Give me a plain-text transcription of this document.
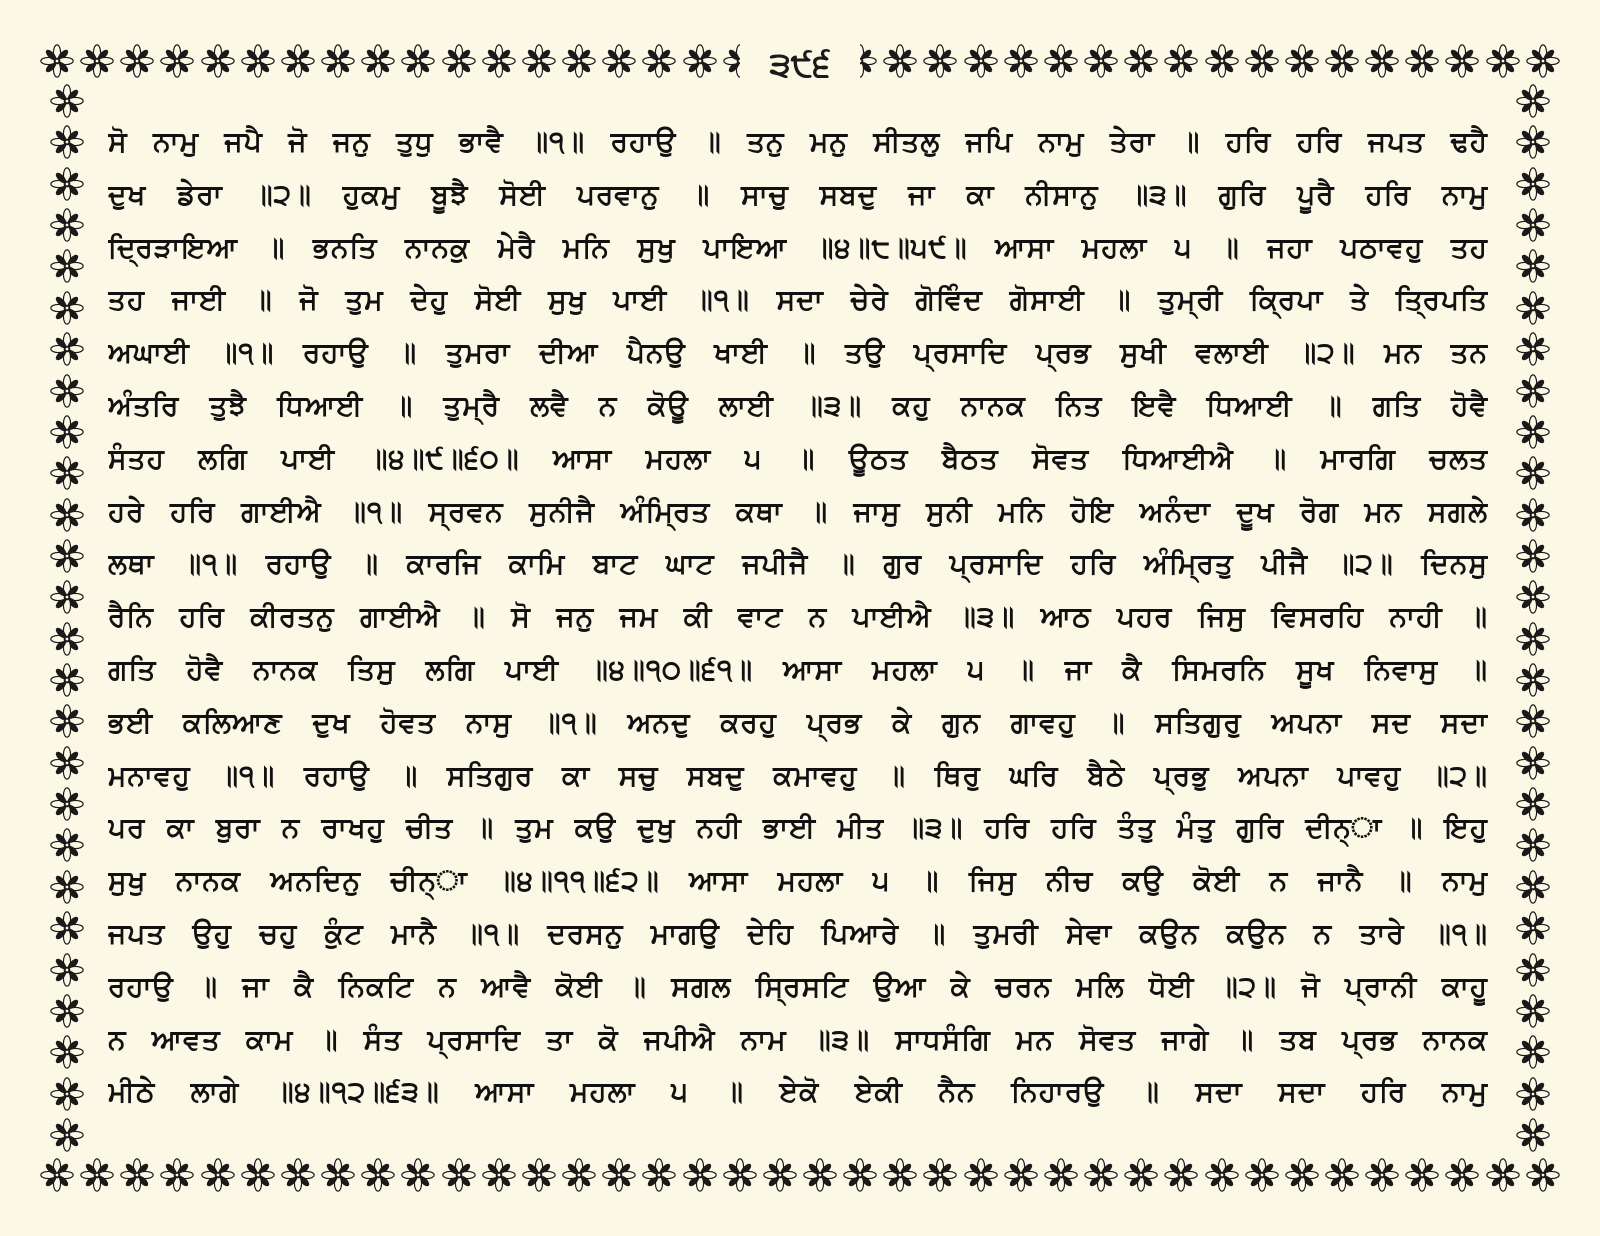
੩੯੬
ਸੋ ਨਾਮੁ ਜਪੈ ਜੋ ਜਨੁ ਤੁਧੁ ਭਾਵੈ ॥੧॥ ਰਹਾਉ ॥ ਤਨੁ ਮਨੁ ਸੀਤਲੁ ਜਪਿ ਨਾਮੁ ਤੇਰਾ ॥ ਹਰਿ ਹਰਿ ਜਪਤ ਢਹੈ
ਦੁਖ ਡੇਰਾ ॥੨॥ ਹੁਕਮੁ ਬੂਝੈ ਸੋਈ ਪਰਵਾਨੁ ॥ ਸਾਚੁ ਸਬਦੁ ਜਾ ਕਾ ਨੀਸਾਨੁ ॥੩॥ ਗੁਰਿ ਪੂਰੈ ਹਰਿ ਨਾਮੁ
ਦ੍ਰਿੜਾਇਆ ॥ ਭਨਤਿ ਨਾਨਕੁ ਮੇਰੈ ਮਨਿ ਸੁਖੁ ਪਾਇਆ ॥੪॥੮॥੫੯॥ ਆਸਾ ਮਹਲਾ ੫ ॥ ਜਹਾ ਪਠਾਵਹੁ ਤਹ
ਤਹ ਜਾਈ ॥ ਜੋ ਤੁਮ ਦੇਹੁ ਸੋਈ ਸੁਖੁ ਪਾਈ ॥੧॥ ਸਦਾ ਚੇਰੇ ਗੋਵਿੰਦ ਗੋਸਾਈ ॥ ਤੁਮ੍ਰੀ ਕ੍ਰਿਪਾ ਤੇ ਤ੍ਰਿਪਤਿ
ਅਘਾਈ ॥੧॥ ਰਹਾਉ ॥ ਤੁਮਰਾ ਦੀਆ ਪੈਨਉ ਖਾਈ ॥ ਤਉ ਪ੍ਰਸਾਦਿ ਪ੍ਰਭ ਸੁਖੀ ਵਲਾਈ ॥੨॥ ਮਨ ਤਨ
ਅੰਤਰਿ ਤੁਝੈ ਧਿਆਈ ॥ ਤੁਮ੍ਰੈ ਲਵੈ ਨ ਕੋਊ ਲਾਈ ॥੩॥ ਕਹੁ ਨਾਨਕ ਨਿਤ ਇਵੈ ਧਿਆਈ ॥ ਗਤਿ ਹੋਵੈ
ਸੰਤਹ ਲਗਿ ਪਾਈ ॥੪॥੯॥੬੦॥ ਆਸਾ ਮਹਲਾ ੫ ॥ ਊਠਤ ਬੈਠਤ ਸੋਵਤ ਧਿਆਈਐ ॥ ਮਾਰਗਿ ਚਲਤ
ਹਰੇ ਹਰਿ ਗਾਈਐ ॥੧॥ ਸ੍ਰਵਨ ਸੁਨੀਜੈ ਅੰਮ੍ਰਿਤ ਕਥਾ ॥ ਜਾਸੁ ਸੁਨੀ ਮਨਿ ਹੋਇ ਅਨੰਦਾ ਦੂਖ ਰੋਗ ਮਨ ਸਗਲੇ
ਲਥਾ ॥੧॥ ਰਹਾਉ ॥ ਕਾਰਜਿ ਕਾਮਿ ਬਾਟ ਘਾਟ ਜਪੀਜੈ ॥ ਗੁਰ ਪ੍ਰਸਾਦਿ ਹਰਿ ਅੰਮ੍ਰਿਤੁ ਪੀਜੈ ॥੨॥ ਦਿਨਸੁ
ਰੈਨਿ ਹਰਿ ਕੀਰਤਨੁ ਗਾਈਐ ॥ ਸੋ ਜਨੁ ਜਮ ਕੀ ਵਾਟ ਨ ਪਾਈਐ ॥੩॥ ਆਠ ਪਹਰ ਜਿਸੁ ਵਿਸਰਹਿ ਨਾਹੀ ॥
ਗਤਿ ਹੋਵੈ ਨਾਨਕ ਤਿਸੁ ਲਗਿ ਪਾਈ ॥੪॥੧੦॥੬੧॥ ਆਸਾ ਮਹਲਾ ੫ ॥ ਜਾ ਕੈ ਸਿਮਰਨਿ ਸੂਖ ਨਿਵਾਸੁ ॥
ਭਈ ਕਲਿਆਣ ਦੁਖ ਹੋਵਤ ਨਾਸੁ ॥੧॥ ਅਨਦੁ ਕਰਹੁ ਪ੍ਰਭ ਕੇ ਗੁਨ ਗਾਵਹੁ ॥ ਸਤਿਗੁਰੁ ਅਪਨਾ ਸਦ ਸਦਾ
ਮਨਾਵਹੁ ॥੧॥ ਰਹਾਉ ॥ ਸਤਿਗੁਰ ਕਾ ਸਚੁ ਸਬਦੁ ਕਮਾਵਹੁ ॥ ਥਿਰੁ ਘਰਿ ਬੈਠੇ ਪ੍ਰਭੁ ਅਪਨਾ ਪਾਵਹੁ ॥੨॥
ਪਰ ਕਾ ਬੁਰਾ ਨ ਰਾਖਹੁ ਚੀਤ ॥ ਤੁਮ ਕਉ ਦੁਖੁ ਨਹੀ ਭਾਈ ਮੀਤ ॥੩॥ ਹਰਿ ਹਰਿ ਤੰਤੁ ਮੰਤੁ ਗੁਰਿ ਦੀਨ੍ਾ ॥ ਇਹੁ
ਸੁਖੁ ਨਾਨਕ ਅਨਦਿਨੁ ਚੀਨ੍ਾ ॥੪॥੧੧॥੬੨॥ ਆਸਾ ਮਹਲਾ ੫ ॥ ਜਿਸੁ ਨੀਚ ਕਉ ਕੋਈ ਨ ਜਾਨੈ ॥ ਨਾਮੁ
ਜਪਤ ਉਹੁ ਚਹੁ ਕੁੰਟ ਮਾਨੈ ॥੧॥ ਦਰਸਨੁ ਮਾਗਉ ਦੇਹਿ ਪਿਆਰੇ ॥ ਤੁਮਰੀ ਸੇਵਾ ਕਉਨ ਕਉਨ ਨ ਤਾਰੇ ॥੧॥
ਰਹਾਉ ॥ ਜਾ ਕੈ ਨਿਕਟਿ ਨ ਆਵੈ ਕੋਈ ॥ ਸਗਲ ਸ੍ਰਿਸਟਿ ਉਆ ਕੇ ਚਰਨ ਮਲਿ ਧੋਈ ॥੨॥ ਜੋ ਪ੍ਰਾਨੀ ਕਾਹੂ
ਨ ਆਵਤ ਕਾਮ ॥ ਸੰਤ ਪ੍ਰਸਾਦਿ ਤਾ ਕੋ ਜਪੀਐ ਨਾਮ ॥੩॥ ਸਾਧਸੰਗਿ ਮਨ ਸੋਵਤ ਜਾਗੇ ॥ ਤਬ ਪ੍ਰਭ ਨਾਨਕ
ਮੀਠੇ ਲਾਗੇ ॥੪॥੧੨॥੬੩॥ ਆਸਾ ਮਹਲਾ ੫ ॥ ਏਕੋ ਏਕੀ ਨੈਨ ਨਿਹਾਰਉ ॥ ਸਦਾ ਸਦਾ ਹਰਿ ਨਾਮੁ
